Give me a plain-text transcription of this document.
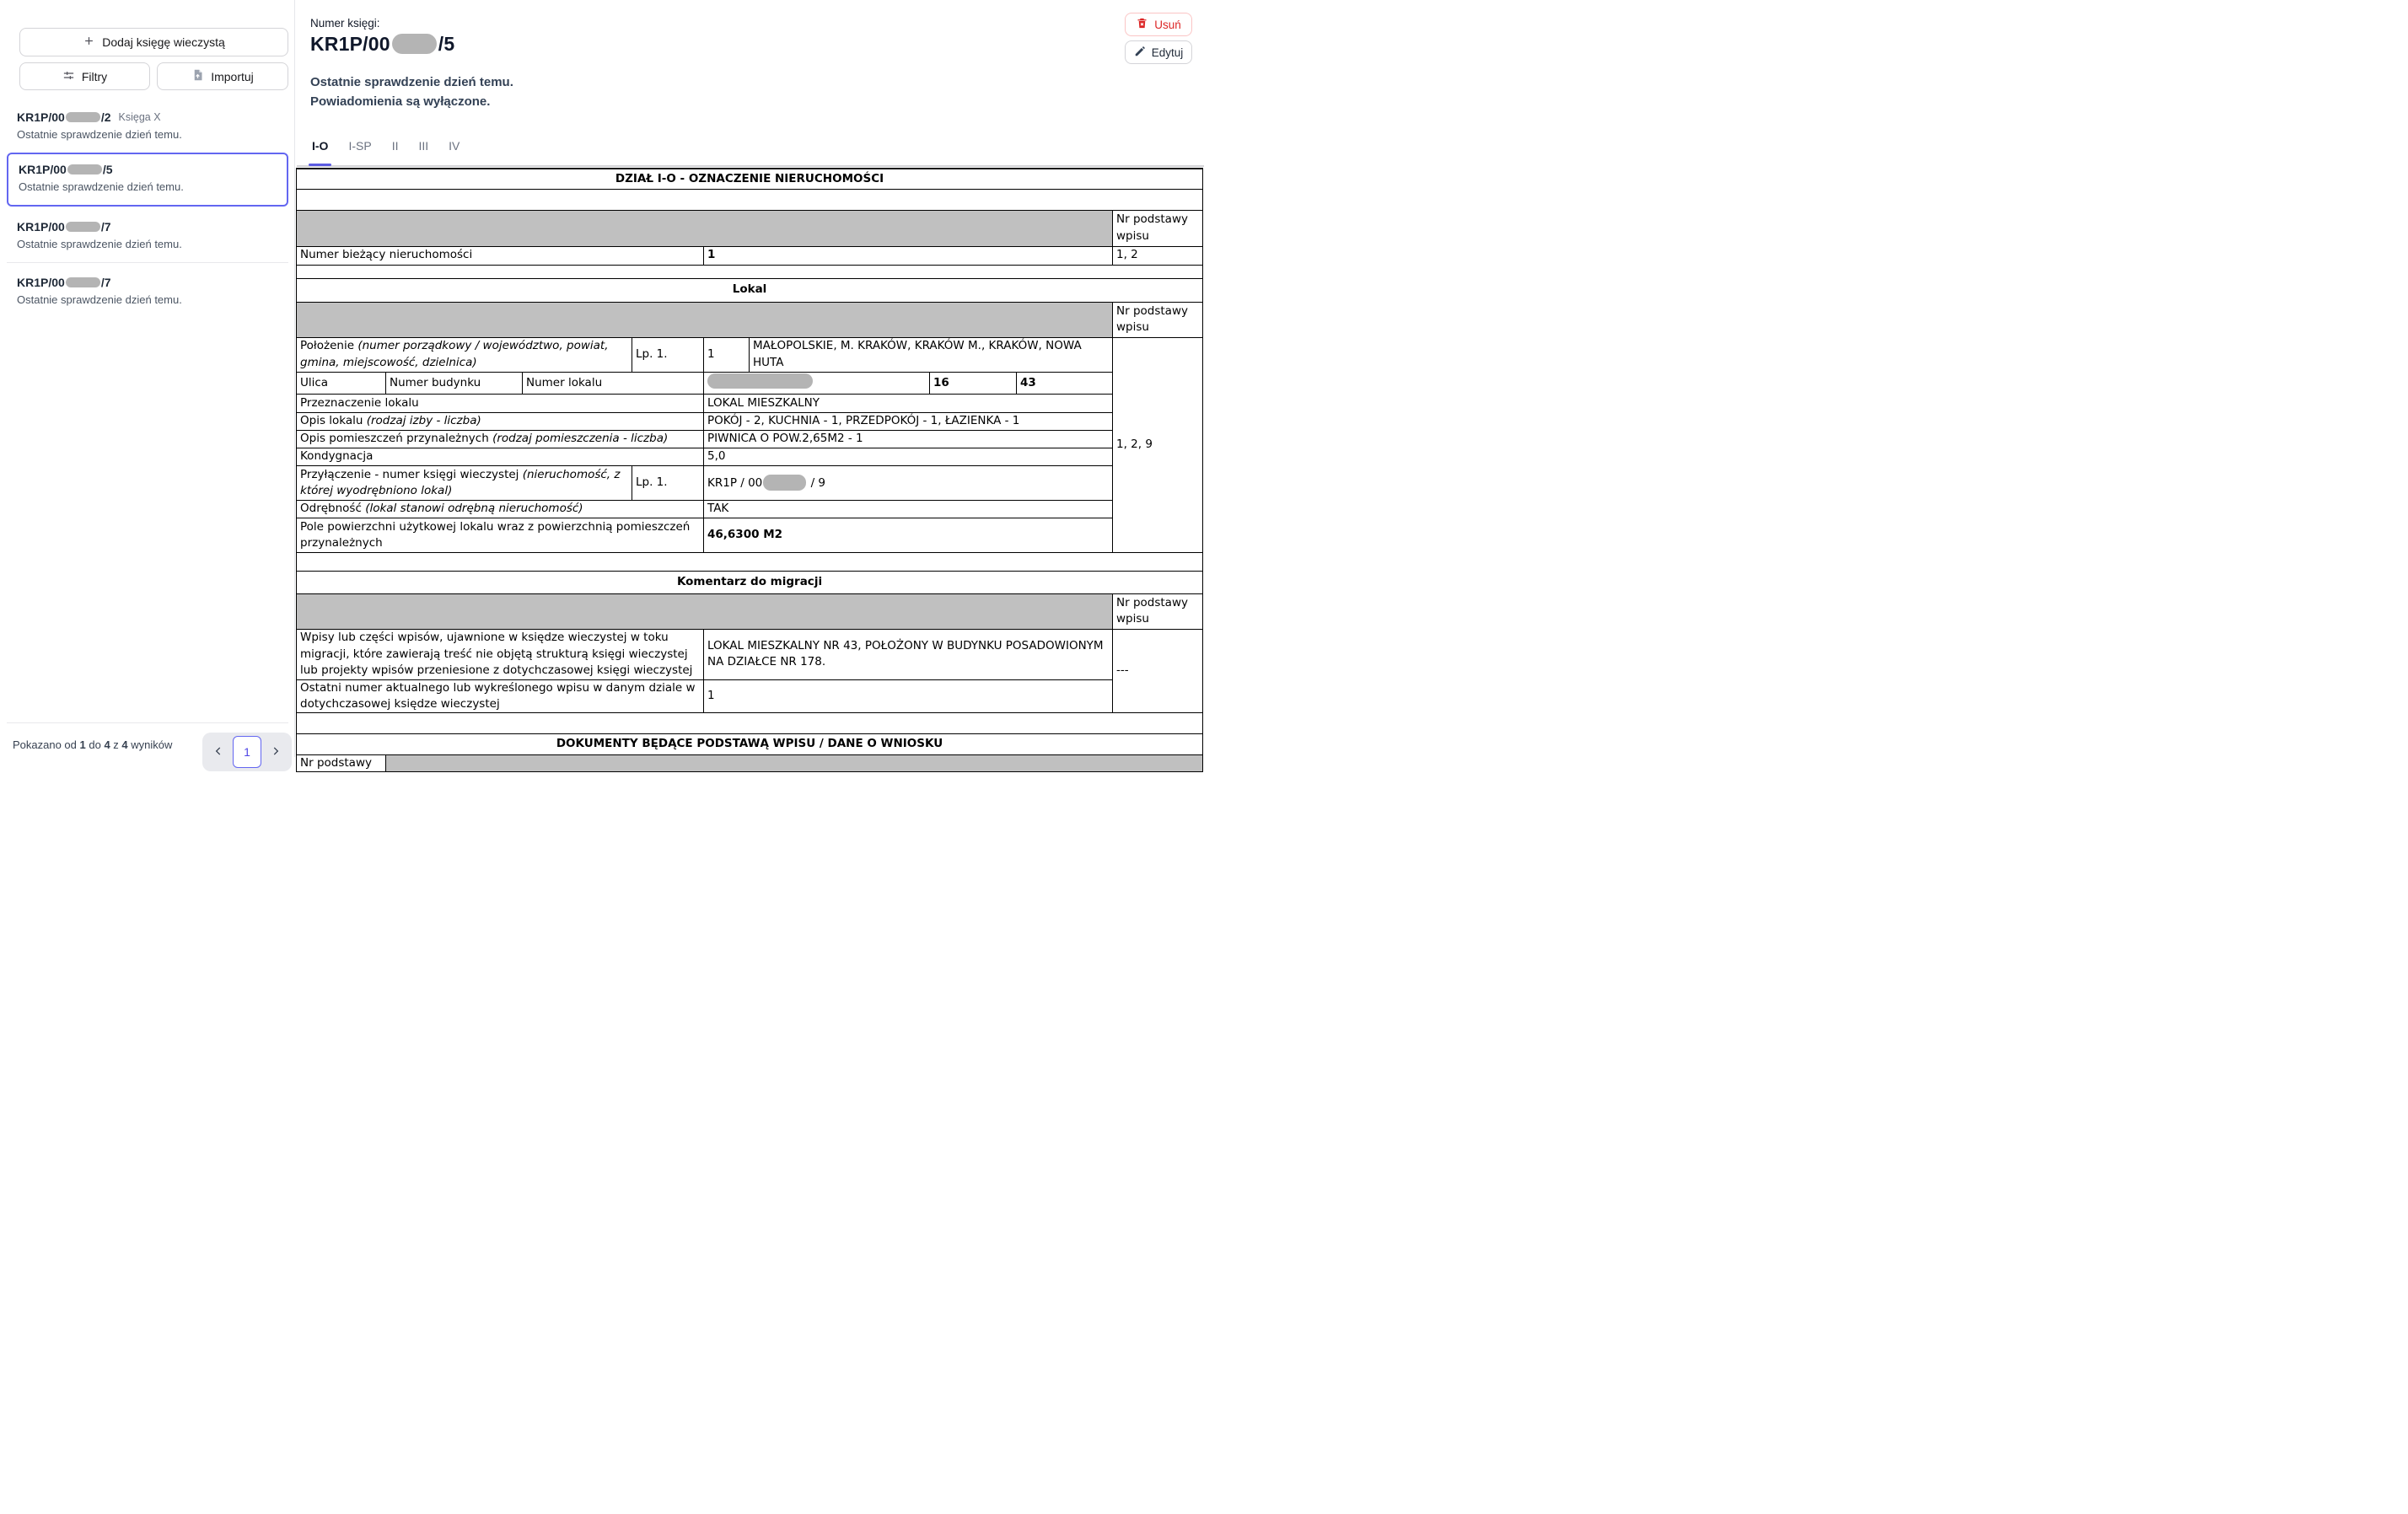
Dodaj księgę wieczystą
Filtry	Importuj
KR1P/00	/2 Księga X
Ostatnie sprawdzenie dzień temu.
KR1P/00	/5
Ostatnie sprawdzenie dzień temu.
KR1P/00	/7
Ostatnie sprawdzenie dzień temu.
KR1P/00	/7
Ostatnie sprawdzenie dzień temu.
Pokazano od 1 do 4 z 4 wyników
1
Numer księgi:
KR1P/00 /5
Ostatnie sprawdzenie dzień temu.
Powiadomienia są wyłączone.
Usuń
Edytuj
I-O I-SP II III IV
DZIAŁ I-O - OZNACZENIE NIERUCHOMOŚCI								

								Nr podstawy wpisu
Numer bieżący nieruchomości				1				1, 2

Lokal								
								Nr podstawy wpisu
Położenie (numer porządkowy / województwo, powiat, gmina, miejscowość, dzielnica)			Lp. 1.	1	MAŁOPOLSKIE, M. KRAKÓW, KRAKÓW M., KRAKÓW, NOWA HUTA			1, 2, 9
Ulica	Numer budynku	Numer lokalu				16	43	
Przeznaczenie lokalu				LOKAL MIESZKALNY				
Opis lokalu (rodzaj izby - liczba)				POKÓJ - 2, KUCHNIA - 1, PRZEDPOKÓJ - 1, ŁAZIENKA - 1				
Opis pomieszczeń przynależnych (rodzaj pomieszczenia - liczba)				PIWNICA O POW.2,65M2 - 1				
Kondygnacja				5,0				
Przyłączenie - numer księgi wieczystej (nieruchomość, z której wyodrębniono lokal)			Lp. 1.	KR1P / 00 / 9				
Odrębność (lokal stanowi odrębną nieruchomość)				TAK				
Pole powierzchni użytkowej lokalu wraz z powierzchnią pomieszczeń przynależnych				46,6300 M2				

Komentarz do migracji								
								Nr podstawy wpisu
Wpisy lub części wpisów, ujawnione w księdze wieczystej w toku migracji, które zawierają treść nie objętą strukturą księgi wieczystej lub projekty wpisów przeniesione z dotychczasowej księgi wieczystej				LOKAL MIESZKALNY NR 43, POŁOŻONY W BUDYNKU POSADOWIONYM NA DZIAŁCE NR 178.				---
Ostatni numer aktualnego lub wykreślonego wpisu w danym dziale w dotychczasowej księdze wieczystej				1				

DOKUMENTY BĘDĄCE PODSTAWĄ WPISU / DANE O WNIOSKU								
Nr podstawy								
